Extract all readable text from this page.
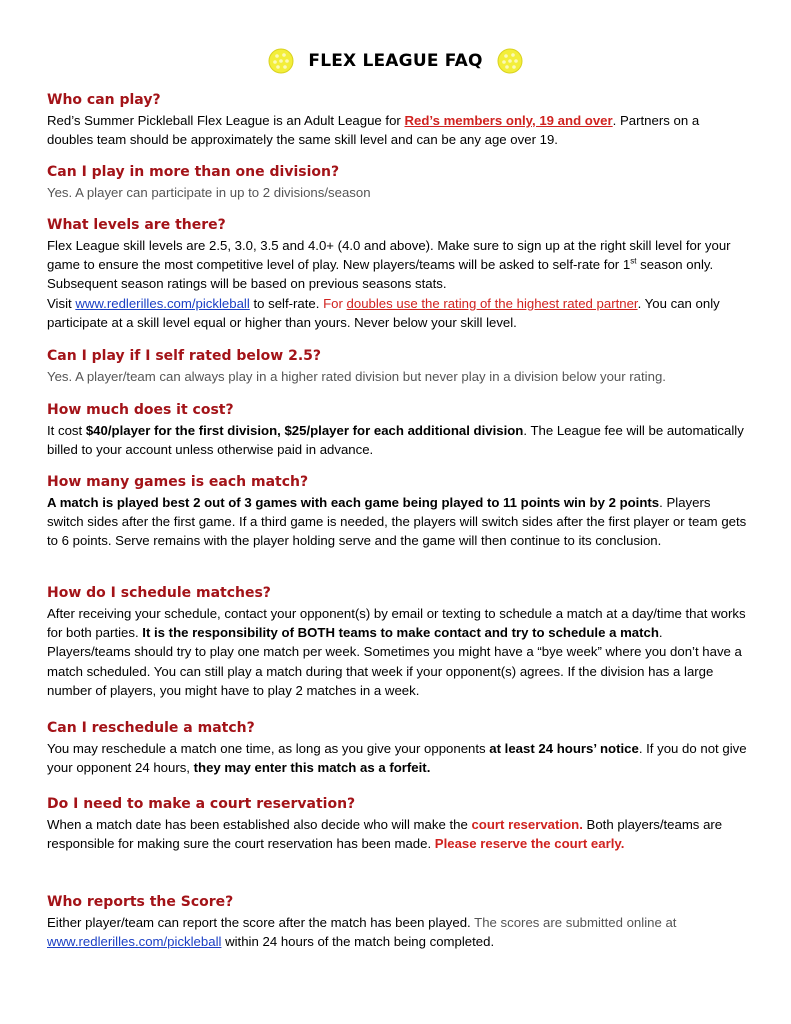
FLEX LEAGUE FAQ

Who can play?

Red’s Summer Pickleball Flex League is an Adult League for Red’s members only, 19 and over. Partners on a doubles team should be approximately the same skill level and can be any age over 19.

Can I play in more than one division?

Yes. A player can participate in up to 2 divisions/season

What levels are there?

Flex League skill levels are 2.5, 3.0, 3.5 and 4.0+ (4.0 and above). Make sure to sign up at the right skill level for your game to ensure the most competitive level of play. New players/teams will be asked to self-rate for 1st season only. Subsequent season ratings will be based on previous seasons stats.
Visit www.redlerilles.com/pickleball to self-rate. For doubles use the rating of the highest rated partner. You can only participate at a skill level equal or higher than yours. Never below your skill level.

Can I play if I self rated below 2.5?

Yes. A player/team can always play in a higher rated division but never play in a division below your rating.

How much does it cost?

It cost $40/player for the first division, $25/player for each additional division. The League fee will be automatically billed to your account unless otherwise paid in advance.

How many games is each match?

A match is played best 2 out of 3 games with each game being played to 11 points win by 2 points. Players switch sides after the first game. If a third game is needed, the players will switch sides after the first player or team gets to 6 points. Serve remains with the player holding serve and the game will then continue to its conclusion.

How do I schedule matches?

After receiving your schedule, contact your opponent(s) by email or texting to schedule a match at a day/time that works for both parties. It is the responsibility of BOTH teams to make contact and try to schedule a match. Players/teams should try to play one match per week. Sometimes you might have a “bye week” where you don’t have a match scheduled. You can still play a match during that week if your opponent(s) agrees. If the division has a large number of players, you might have to play 2 matches in a week.

Can I reschedule a match?

You may reschedule a match one time, as long as you give your opponents at least 24 hours’ notice. If you do not give your opponent 24 hours, they may enter this match as a forfeit.

Do I need to make a court reservation?

When a match date has been established also decide who will make the court reservation. Both players/teams are responsible for making sure the court reservation has been made. Please reserve the court early.

Who reports the Score?

Either player/team can report the score after the match has been played. The scores are submitted online at
www.redlerilles.com/pickleball within 24 hours of the match being completed.
